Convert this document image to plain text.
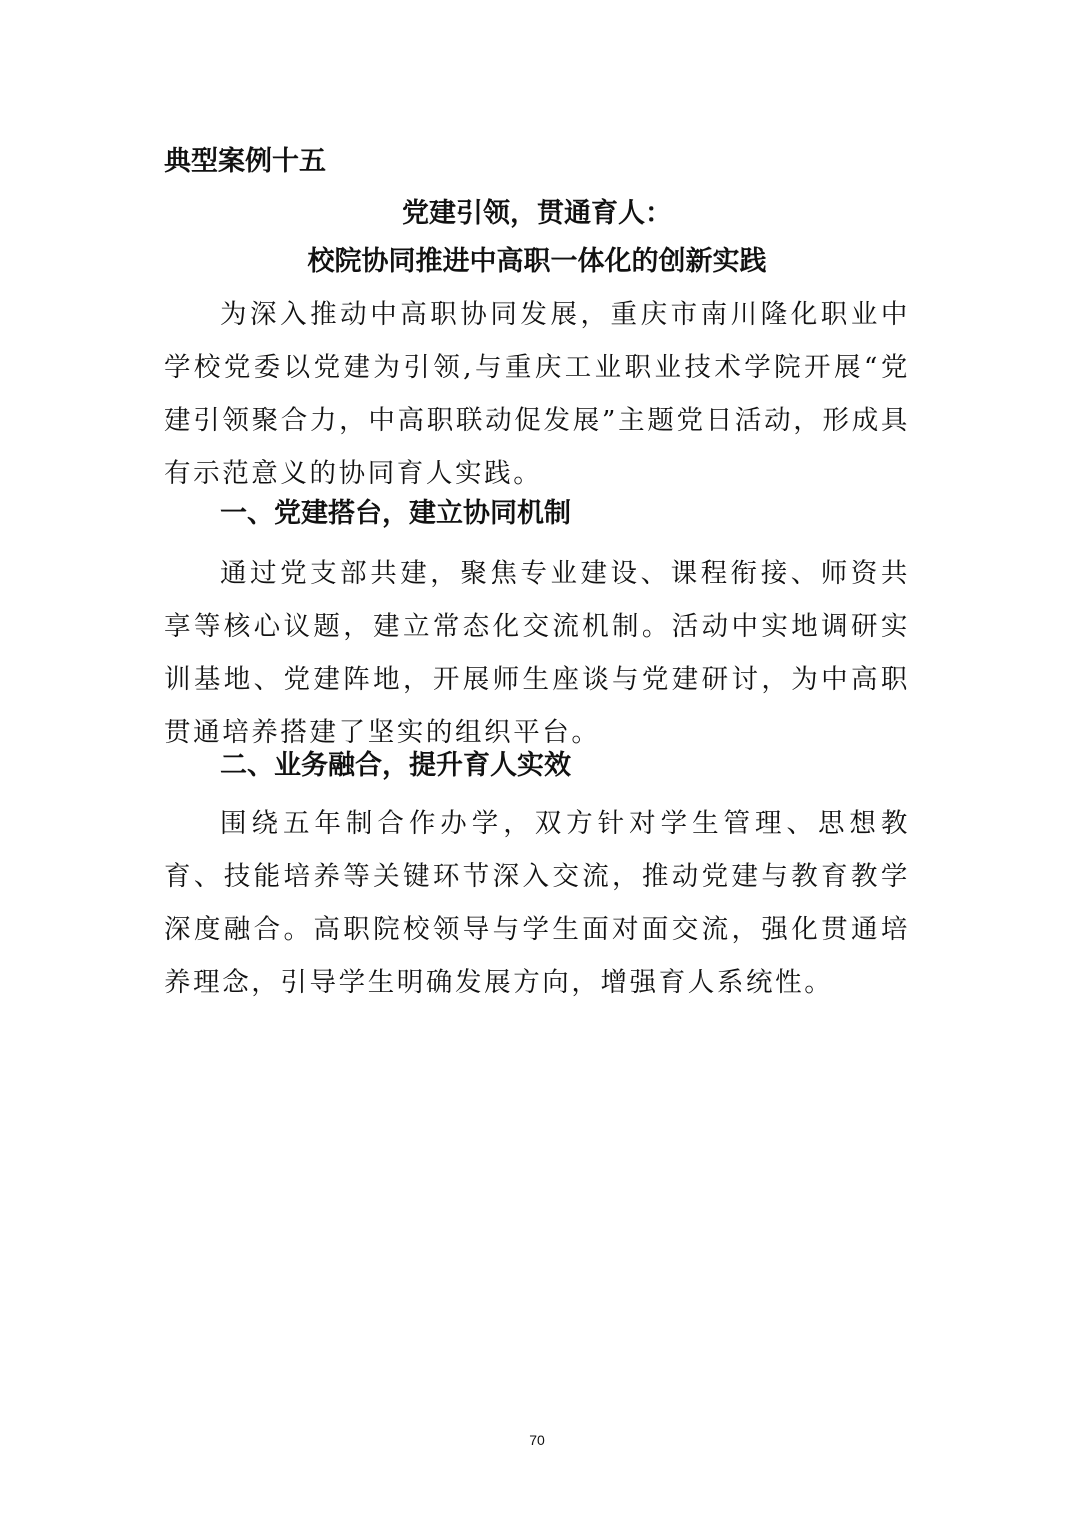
典型案例十五

党建引领，贯通育人：
校院协同推进中高职一体化的创新实践

为深入推动中高职协同发展，重庆市南川隆化职业中学校党委以党建为引领,与重庆工业职业技术学院开展“党建引领聚合力，中高职联动促发展”主题党日活动，形成具有示范意义的协同育人实践。

一、党建搭台，建立协同机制

通过党支部共建，聚焦专业建设、课程衔接、师资共享等核心议题，建立常态化交流机制。活动中实地调研实训基地、党建阵地，开展师生座谈与党建研讨，为中高职贯通培养搭建了坚实的组织平台。

二、业务融合，提升育人实效

围绕五年制合作办学，双方针对学生管理、思想教育、技能培养等关键环节深入交流，推动党建与教育教学深度融合。高职院校领导与学生面对面交流，强化贯通培养理念，引导学生明确发展方向，增强育人系统性。

70
